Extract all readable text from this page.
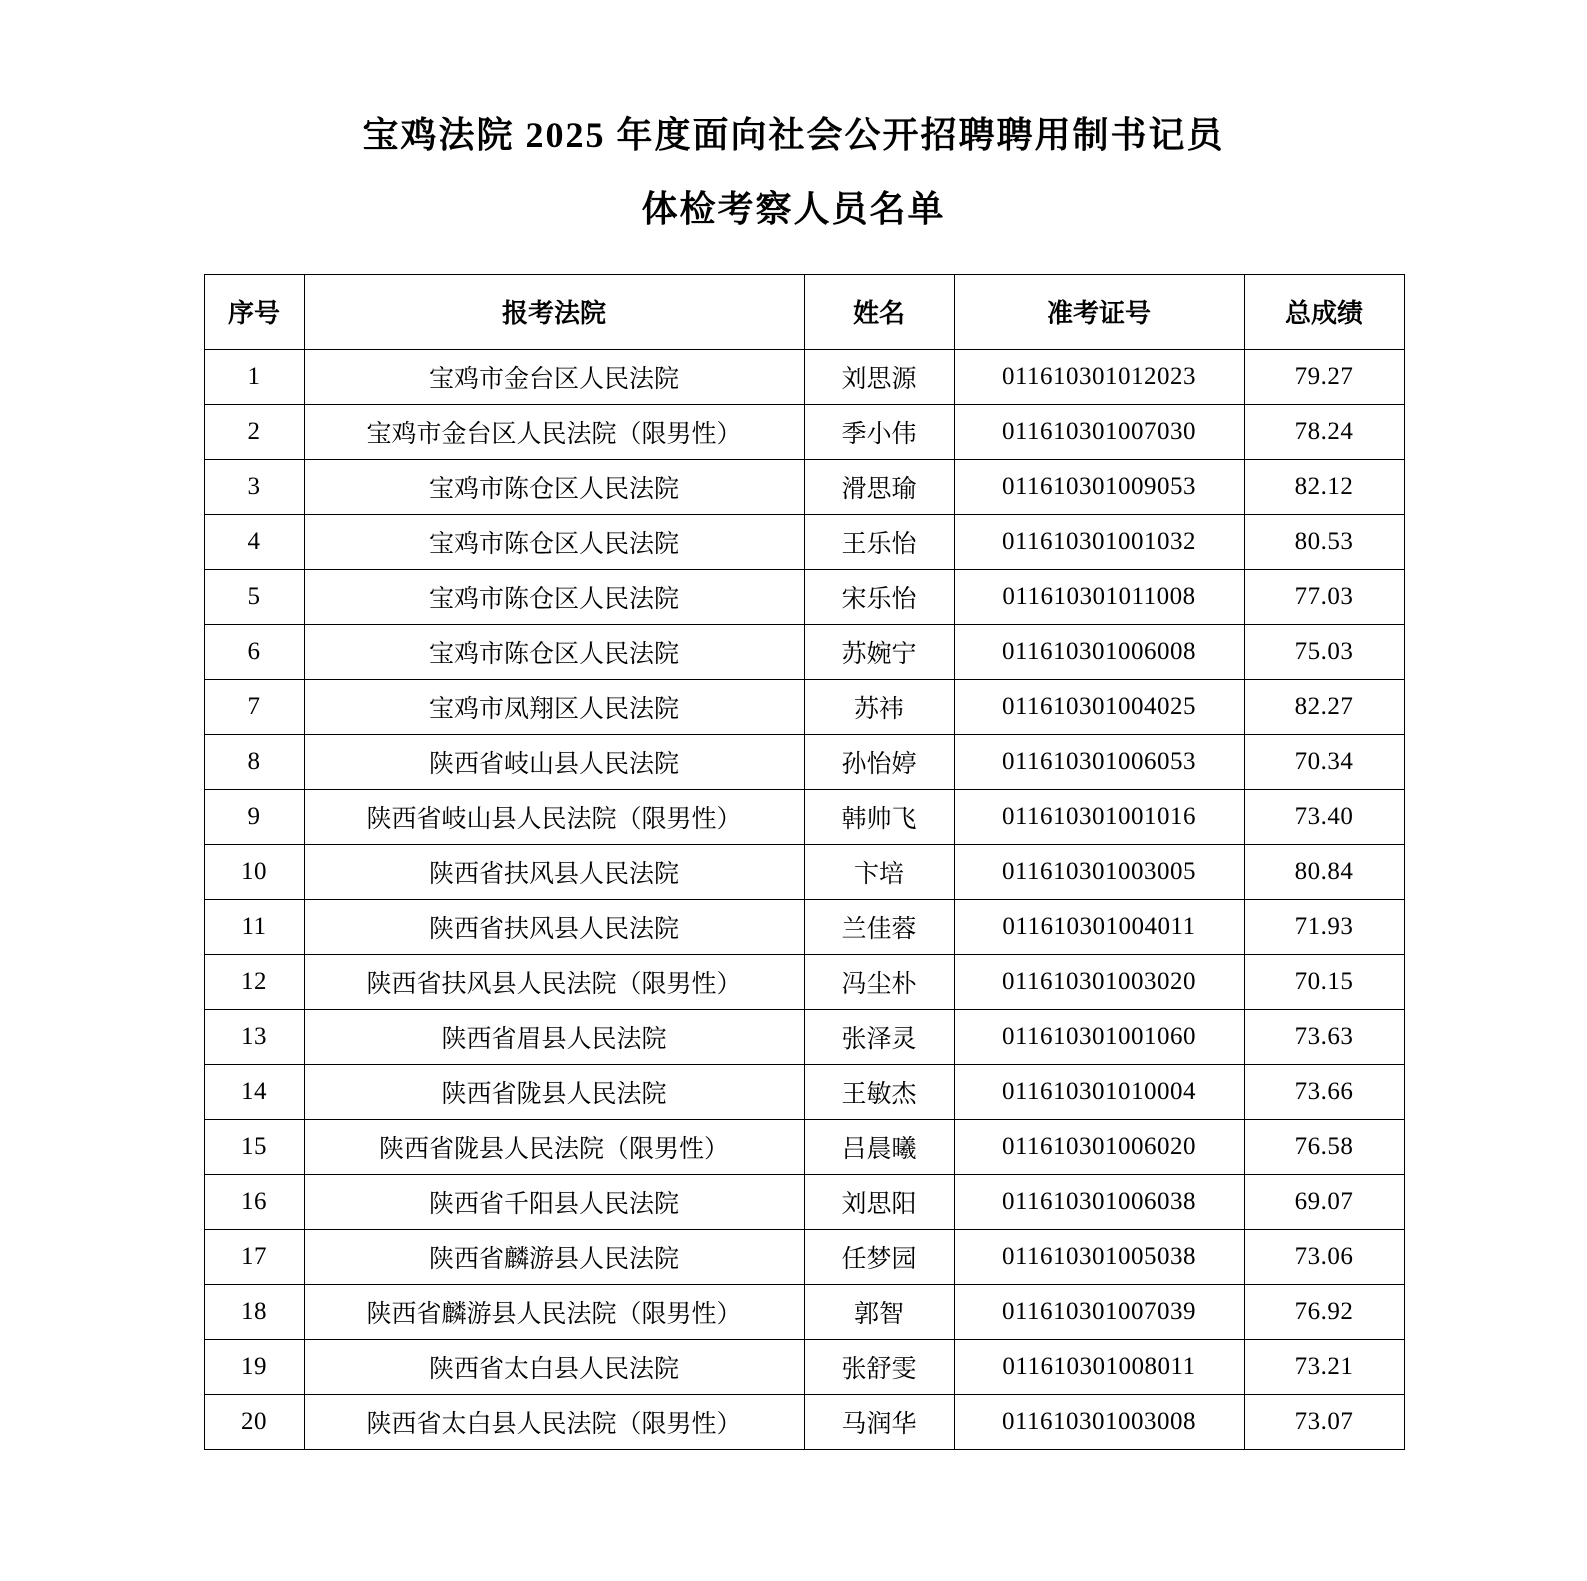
宝鸡法院 2025 年度面向社会公开招聘聘用制书记员
体检考察人员名单
序号	报考法院	姓名	准考证号	总成绩
1	宝鸡市金台区人民法院	刘思源	011610301012023	79.27
2	宝鸡市金台区人民法院（限男性）	季小伟	011610301007030	78.24
3	宝鸡市陈仓区人民法院	滑思瑜	011610301009053	82.12
4	宝鸡市陈仓区人民法院	王乐怡	011610301001032	80.53
5	宝鸡市陈仓区人民法院	宋乐怡	011610301011008	77.03
6	宝鸡市陈仓区人民法院	苏婉宁	011610301006008	75.03
7	宝鸡市凤翔区人民法院	苏祎	011610301004025	82.27
8	陕西省岐山县人民法院	孙怡婷	011610301006053	70.34
9	陕西省岐山县人民法院（限男性）	韩帅飞	011610301001016	73.40
10	陕西省扶风县人民法院	卞培	011610301003005	80.84
11	陕西省扶风县人民法院	兰佳蓉	011610301004011	71.93
12	陕西省扶风县人民法院（限男性）	冯尘朴	011610301003020	70.15
13	陕西省眉县人民法院	张泽灵	011610301001060	73.63
14	陕西省陇县人民法院	王敏杰	011610301010004	73.66
15	陕西省陇县人民法院（限男性）	吕晨曦	011610301006020	76.58
16	陕西省千阳县人民法院	刘思阳	011610301006038	69.07
17	陕西省麟游县人民法院	任梦园	011610301005038	73.06
18	陕西省麟游县人民法院（限男性）	郭智	011610301007039	76.92
19	陕西省太白县人民法院	张舒雯	011610301008011	73.21
20	陕西省太白县人民法院（限男性）	马润华	011610301003008	73.07
